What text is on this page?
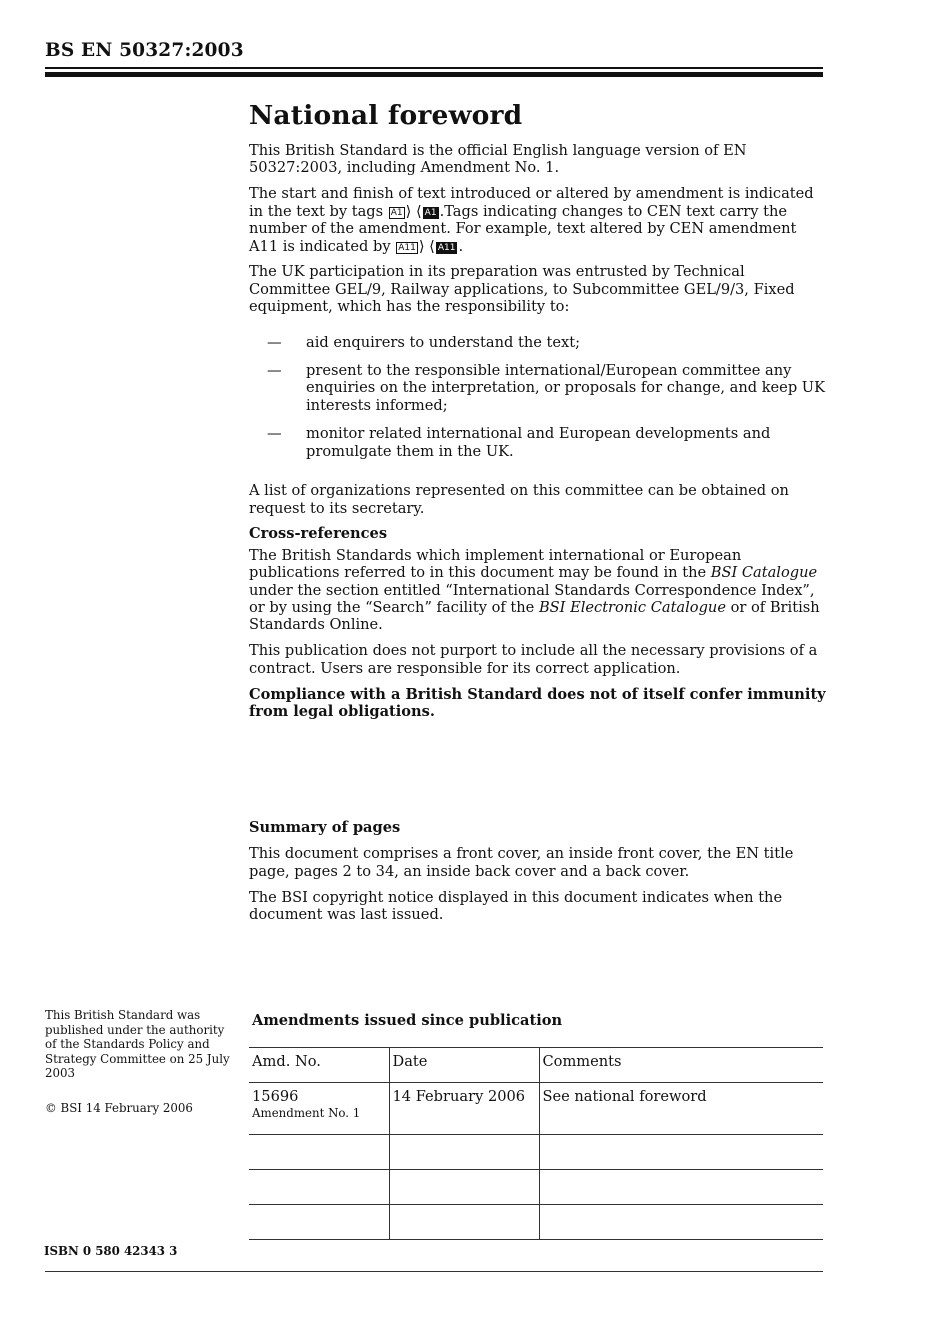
BS EN 50327:2003
National foreword

This British Standard is the official English language version of EN 50327:2003, including Amendment No. 1.

The start and finish of text introduced or altered by amendment is indicated in the text by tags A1 ⟩ ⟨ A1 .Tags indicating changes to CEN text carry the number of the amendment. For example, text altered by CEN amendment A11 is indicated by A11 ⟩ ⟨ A11 .

The UK participation in its preparation was entrusted by Technical Committee GEL/9, Railway applications, to Subcommittee GEL/9/3, Fixed equipment, which has the responsibility to:

— aid enquirers to understand the text;
— present to the responsible international/European committee any enquiries on the interpretation, or proposals for change, and keep UK interests informed;
— monitor related international and European developments and promulgate them in the UK.

A list of organizations represented on this committee can be obtained on request to its secretary.

Cross-references

The British Standards which implement international or European publications referred to in this document may be found in the BSI Catalogue under the section entitled “International Standards Correspondence Index”, or by using the “Search” facility of the BSI Electronic Catalogue or of British Standards Online.

This publication does not purport to include all the necessary provisions of a contract. Users are responsible for its correct application.

Compliance with a British Standard does not of itself confer immunity from legal obligations.

Summary of pages

This document comprises a front cover, an inside front cover, the EN title page, pages 2 to 34, an inside back cover and a back cover.

The BSI copyright notice displayed in this document indicates when the document was last issued.

This British Standard was published under the authority of the Standards Policy and Strategy Committee on 25 July 2003
© BSI 14 February 2006
ISBN 0 580 42343 3
Amendments issued since publication
Amd. No.	Date	Comments
15696
Amendment No. 1	14 February 2006	See national foreword
